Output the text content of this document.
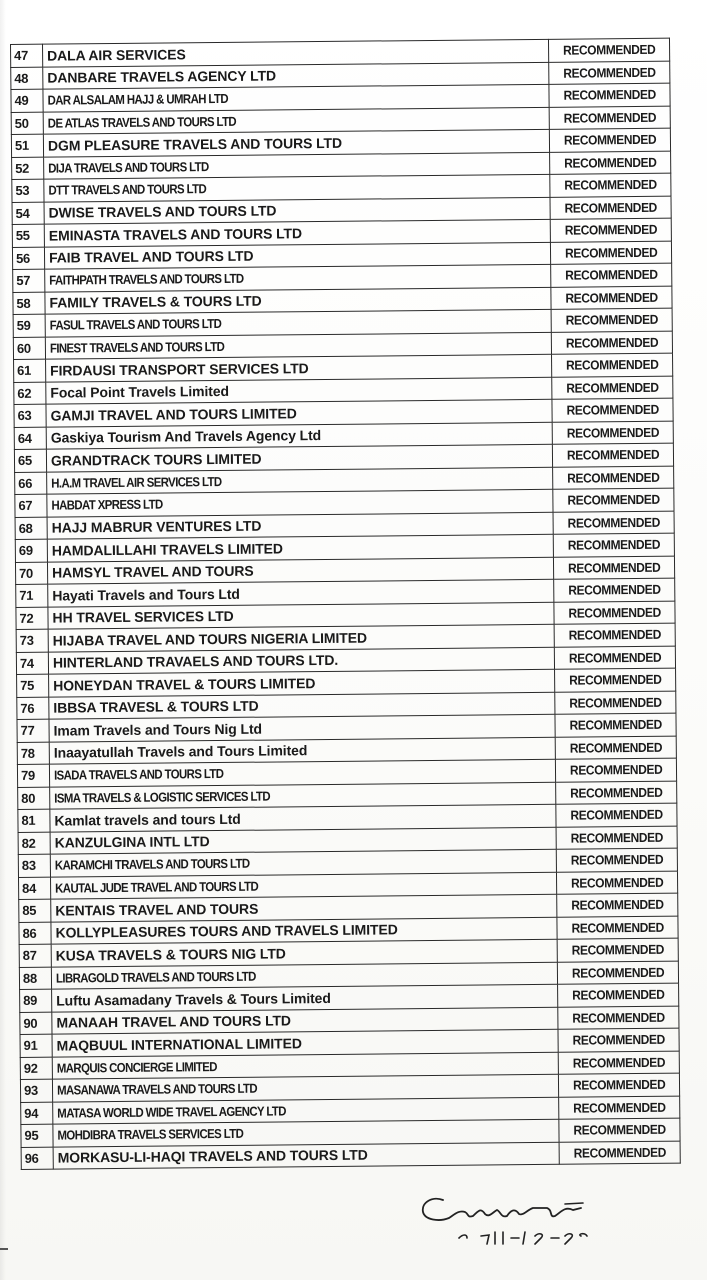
47	DALA AIR SERVICES	RECOMMENDED
48	DANBARE TRAVELS AGENCY LTD	RECOMMENDED
49	DAR ALSALAM HAJJ & UMRAH LTD	RECOMMENDED
50	DE ATLAS TRAVELS AND TOURS LTD	RECOMMENDED
51	DGM PLEASURE TRAVELS AND TOURS LTD	RECOMMENDED
52	DIJA TRAVELS AND TOURS LTD	RECOMMENDED
53	DTT TRAVELS AND TOURS LTD	RECOMMENDED
54	DWISE TRAVELS AND TOURS LTD	RECOMMENDED
55	EMINASTA TRAVELS AND TOURS LTD	RECOMMENDED
56	FAIB TRAVEL AND TOURS LTD	RECOMMENDED
57	FAITHPATH TRAVELS AND TOURS LTD	RECOMMENDED
58	FAMILY TRAVELS & TOURS LTD	RECOMMENDED
59	FASUL TRAVELS AND TOURS LTD	RECOMMENDED
60	FINEST TRAVELS AND TOURS LTD	RECOMMENDED
61	FIRDAUSI TRANSPORT SERVICES LTD	RECOMMENDED
62	Focal Point Travels Limited	RECOMMENDED
63	GAMJI TRAVEL AND TOURS LIMITED	RECOMMENDED
64	Gaskiya Tourism And Travels Agency Ltd	RECOMMENDED
65	GRANDTRACK TOURS LIMITED	RECOMMENDED
66	H.A.M TRAVEL AIR SERVICES LTD	RECOMMENDED
67	HABDAT XPRESS LTD	RECOMMENDED
68	HAJJ MABRUR VENTURES LTD	RECOMMENDED
69	HAMDALILLAHI TRAVELS LIMITED	RECOMMENDED
70	HAMSYL TRAVEL AND TOURS	RECOMMENDED
71	Hayati Travels and Tours Ltd	RECOMMENDED
72	HH TRAVEL SERVICES LTD	RECOMMENDED
73	HIJABA TRAVEL AND TOURS NIGERIA LIMITED	RECOMMENDED
74	HINTERLAND TRAVAELS AND TOURS LTD.	RECOMMENDED
75	HONEYDAN TRAVEL & TOURS LIMITED	RECOMMENDED
76	IBBSA TRAVESL & TOURS LTD	RECOMMENDED
77	Imam Travels and Tours Nig Ltd	RECOMMENDED
78	Inaayatullah Travels and Tours Limited	RECOMMENDED
79	ISADA TRAVELS AND TOURS LTD	RECOMMENDED
80	ISMA TRAVELS & LOGISTIC SERVICES LTD	RECOMMENDED
81	Kamlat travels and tours Ltd	RECOMMENDED
82	KANZULGINA INTL LTD	RECOMMENDED
83	KARAMCHI TRAVELS AND TOURS LTD	RECOMMENDED
84	KAUTAL JUDE TRAVEL AND TOURS LTD	RECOMMENDED
85	KENTAIS TRAVEL AND TOURS	RECOMMENDED
86	KOLLYPLEASURES TOURS AND TRAVELS LIMITED	RECOMMENDED
87	KUSA TRAVELS & TOURS NIG LTD	RECOMMENDED
88	LIBRAGOLD TRAVELS AND TOURS LTD	RECOMMENDED
89	Luftu Asamadany Travels & Tours Limited	RECOMMENDED
90	MANAAH TRAVEL AND TOURS LTD	RECOMMENDED
91	MAQBUUL INTERNATIONAL LIMITED	RECOMMENDED
92	MARQUIS CONCIERGE LIMITED	RECOMMENDED
93	MASANAWA TRAVELS AND TOURS LTD	RECOMMENDED
94	MATASA WORLD WIDE TRAVEL AGENCY LTD	RECOMMENDED
95	MOHDIBRA TRAVELS SERVICES LTD	RECOMMENDED
96	MORKASU-LI-HAQI TRAVELS AND TOURS LTD	RECOMMENDED
